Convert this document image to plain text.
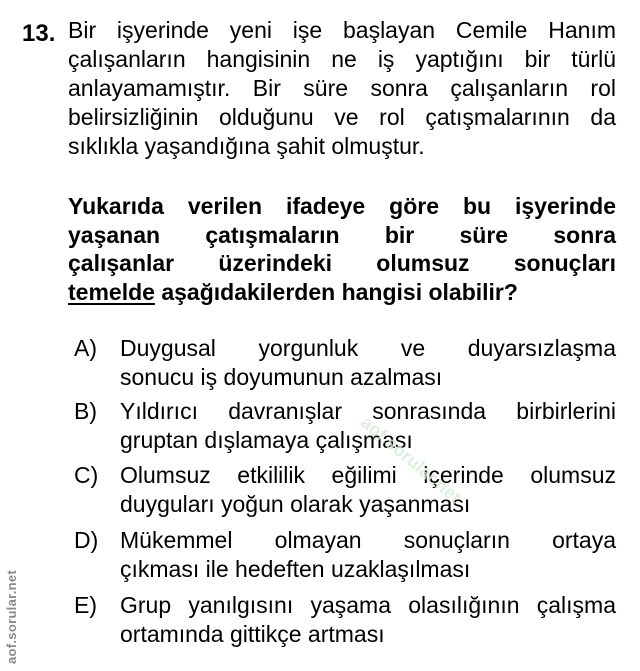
13. Bir işyerinde yeni işe başlayan Cemile Hanım
çalışanların hangisinin ne iş yaptığını bir türlü
anlayamamıştır. Bir süre sonra çalışanların rol
belirsizliğinin olduğunu ve rol çatışmalarının da
sıklıkla yaşandığına şahit olmuştur.
Yukarıda verilen ifadeye göre bu işyerinde
yaşanan çatışmaların bir süre sonra
çalışanlar üzerindeki olumsuz sonuçları
temelde aşağıdakilerden hangisi olabilir?
A) Duygusal yorgunluk ve duyarsızlaşma
sonucu iş doyumunun azalması
B) Yıldırıcı davranışlar sonrasında birbirlerini
gruptan dışlamaya çalışması
C) Olumsuz etkililik eğilimi içerinde olumsuz
duyguları yoğun olarak yaşanması
D) Mükemmel olmayan sonuçların ortaya
çıkması ile hedeften uzaklaşılması
E) Grup yanılgısını yaşama olasılığının çalışma
ortamında gittikçe artması
aof.sorular.net
aof.sorular.net
